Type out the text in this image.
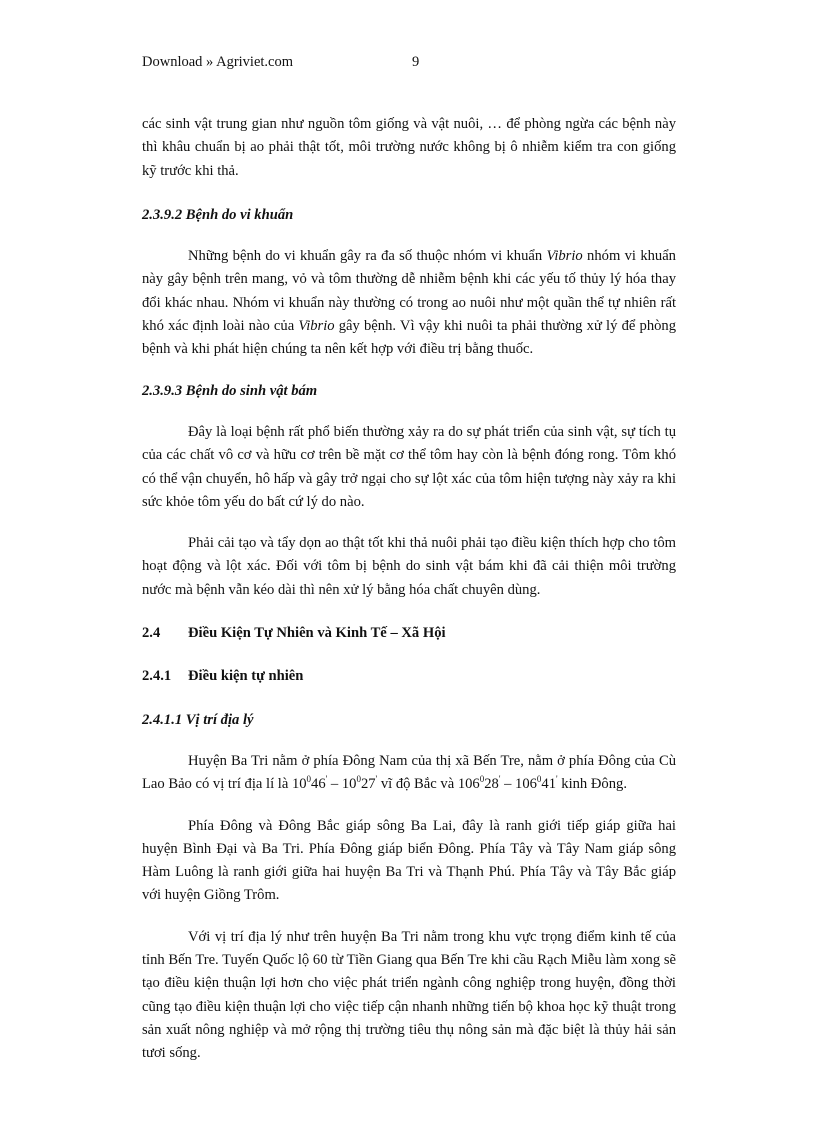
Download » Agriviet.com	9

các sinh vật trung gian như nguồn tôm giống và vật nuôi, … để phòng ngừa các bệnh này thì khâu chuẩn bị ao phải thật tốt, môi trường nước không bị ô nhiễm kiểm tra con giống kỹ trước khi thả.

2.3.9.2 Bệnh do vi khuẩn

Những bệnh do vi khuẩn gây ra đa số thuộc nhóm vi khuẩn Vibrio nhóm vi khuẩn này gây bệnh trên mang, vỏ và tôm thường dễ nhiễm bệnh khi các yếu tố thủy lý hóa thay đổi khác nhau. Nhóm vi khuẩn này thường có trong ao nuôi như một quần thể tự nhiên rất khó xác định loài nào của Vibrio gây bệnh. Vì vậy khi nuôi ta phải thường xử lý để phòng bệnh và khi phát hiện chúng ta nên kết hợp với điều trị bằng thuốc.

2.3.9.3 Bệnh do sinh vật bám

Đây là loại bệnh rất phổ biến thường xảy ra do sự phát triển của sinh vật, sự tích tụ của các chất vô cơ và hữu cơ trên bề mặt cơ thể tôm hay còn là bệnh đóng rong. Tôm khó có thể vận chuyển, hô hấp và gây trở ngại cho sự lột xác của tôm hiện tượng này xảy ra khi sức khỏe tôm yếu do bất cứ lý do nào.

Phải cải tạo và tẩy dọn ao thật tốt khi thả nuôi phải tạo điều kiện thích hợp cho tôm hoạt động và lột xác. Đối với tôm bị bệnh do sinh vật bám khi đã cải thiện môi trường nước mà bệnh vẫn kéo dài thì nên xử lý bằng hóa chất chuyên dùng.

2.4 Điều Kiện Tự Nhiên và Kinh Tế – Xã Hội

2.4.1 Điều kiện tự nhiên

2.4.1.1 Vị trí địa lý

Huyện Ba Tri nằm ở phía Đông Nam của thị xã Bến Tre, nằm ở phía Đông của Cù Lao Bảo có vị trí địa lí là $10^046' - 10^027'$ vĩ độ Bắc và $106^028' - 106^041'$ kinh Đông.

Phía Đông và Đông Bắc giáp sông Ba Lai, đây là ranh giới tiếp giáp giữa hai huyện Bình Đại và Ba Tri. Phía Đông giáp biển Đông. Phía Tây và Tây Nam giáp sông Hàm Luông là ranh giới giữa hai huyện Ba Tri và Thạnh Phú. Phía Tây và Tây Bắc giáp với huyện Giồng Trôm.

Với vị trí địa lý như trên huyện Ba Tri nằm trong khu vực trọng điểm kinh tế của tỉnh Bến Tre. Tuyến Quốc lộ 60 từ Tiền Giang qua Bến Tre khi cầu Rạch Miễu làm xong sẽ tạo điều kiện thuận lợi hơn cho việc phát triển ngành công nghiệp trong huyện, đồng thời cũng tạo điều kiện thuận lợi cho việc tiếp cận nhanh những tiến bộ khoa học kỹ thuật trong sản xuất nông nghiệp và mở rộng thị trường tiêu thụ nông sản mà đặc biệt là thủy hải sản tươi sống.
